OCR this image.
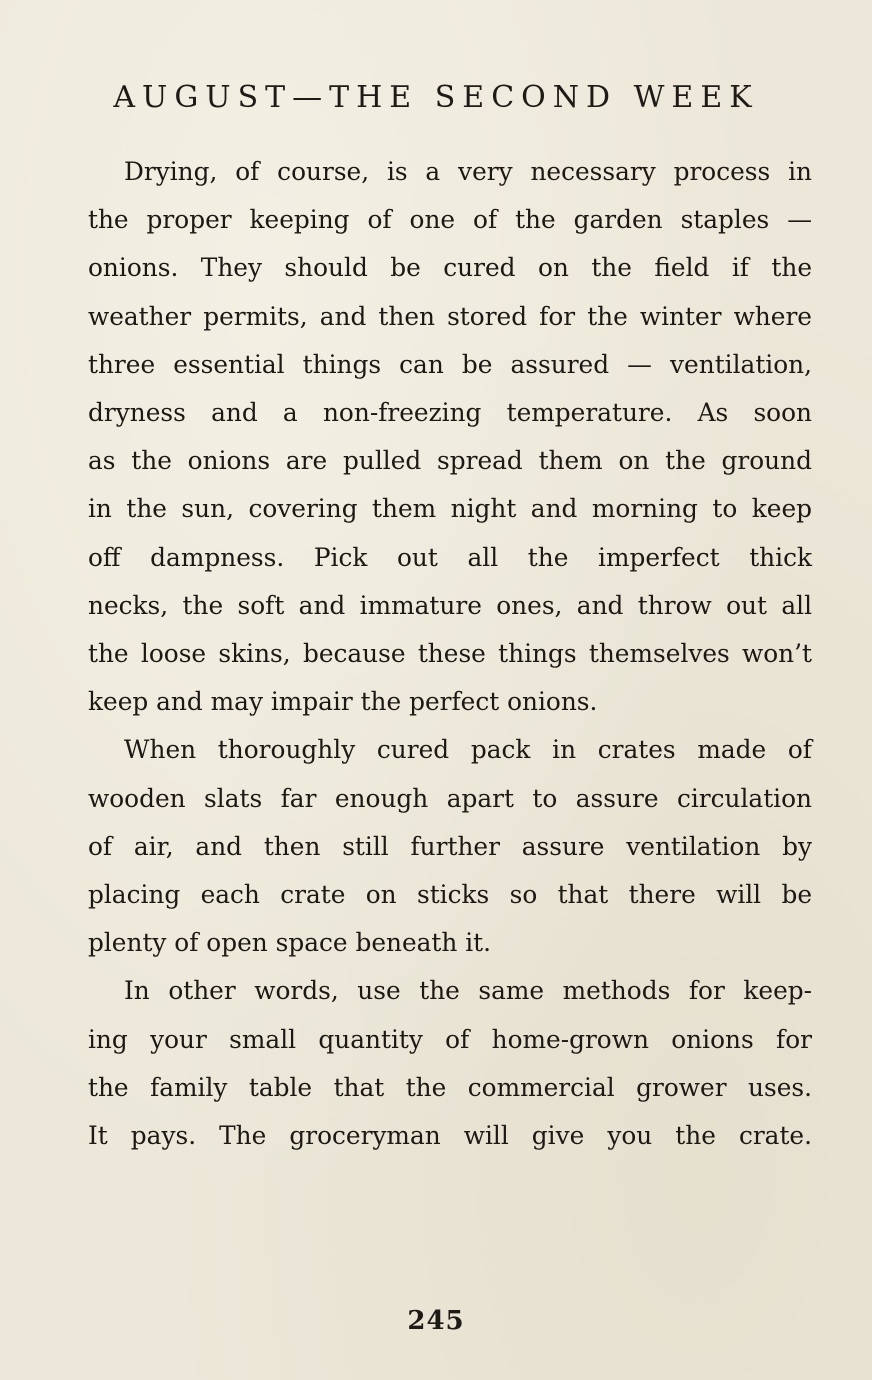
AUGUST—THE SECOND WEEK
Drying, of course, is a very necessary process in
the proper keeping of one of the garden staples —
onions. They should be cured on the field if the
weather permits, and then stored for the winter where
three essential things can be assured — ventilation,
dryness and a non-freezing temperature. As soon
as the onions are pulled spread them on the ground
in the sun, covering them night and morning to keep
off dampness. Pick out all the imperfect thick
necks, the soft and immature ones, and throw out all
the loose skins, because these things themselves won’t
keep and may impair the perfect onions.
When thoroughly cured pack in crates made of
wooden slats far enough apart to assure circulation
of air, and then still further assure ventilation by
placing each crate on sticks so that there will be
plenty of open space beneath it.
In other words, use the same methods for keep-
ing your small quantity of home-grown onions for
the family table that the commercial grower uses.
It pays. The groceryman will give you the crate.
245
